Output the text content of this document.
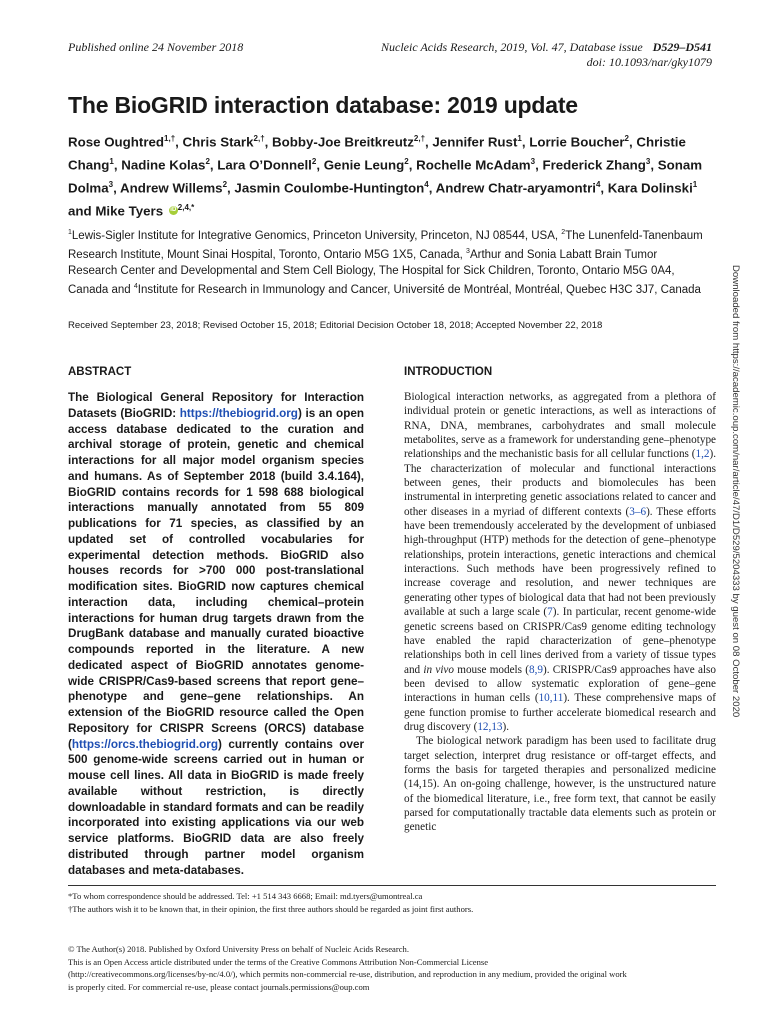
Published online 24 November 2018	Nucleic Acids Research, 2019, Vol. 47, Database issue D529–D541
doi: 10.1093/nar/gky1079
The BioGRID interaction database: 2019 update
Rose Oughtred$^{1,\dagger}$, Chris Stark$^{2,\dagger}$, Bobby-Joe Breitkreutz$^{2,\dagger}$, Jennifer Rust$^1$, Lorrie Boucher$^2$, Christie Chang$^1$, Nadine Kolas$^2$, Lara O’Donnell$^2$, Genie Leung$^2$, Rochelle McAdam$^3$, Frederick Zhang$^3$, Sonam Dolma$^3$, Andrew Willems$^2$, Jasmin Coulombe-Huntington$^4$, Andrew Chatr-aryamontri$^4$, Kara Dolinski$^1$ and Mike Tyers iD $^{2,4,*}$
$^1$Lewis-Sigler Institute for Integrative Genomics, Princeton University, Princeton, NJ 08544, USA, $^2$The Lunenfeld-Tanenbaum Research Institute, Mount Sinai Hospital, Toronto, Ontario M5G 1X5, Canada, $^3$Arthur and Sonia Labatt Brain Tumor Research Center and Developmental and Stem Cell Biology, The Hospital for Sick Children, Toronto, Ontario M5G 0A4, Canada and $^4$Institute for Research in Immunology and Cancer, Université de Montréal, Montréal, Quebec H3C 3J7, Canada
Received September 23, 2018; Revised October 15, 2018; Editorial Decision October 18, 2018; Accepted November 22, 2018
ABSTRACT

The Biological General Repository for Interaction Datasets (BioGRID: https://thebiogrid.org) is an open access database dedicated to the curation and archival storage of protein, genetic and chemical interactions for all major model organism species and humans. As of September 2018 (build 3.4.164), BioGRID contains records for 1 598 688 biological interactions manually annotated from 55 809 publications for 71 species, as classified by an updated set of controlled vocabularies for experimental detection methods. BioGRID also houses records for >700 000 post-translational modification sites. BioGRID now captures chemical interaction data, including chemical–protein interactions for human drug targets drawn from the DrugBank database and manually curated bioactive compounds reported in the literature. A new dedicated aspect of BioGRID annotates genome-wide CRISPR/Cas9-based screens that report gene–phenotype and gene–gene relationships. An extension of the BioGRID resource called the Open Repository for CRISPR Screens (ORCS) database (https://orcs.thebiogrid.org) currently contains over 500 genome-wide screens carried out in human or mouse cell lines. All data in BioGRID is made freely available without restriction, is directly downloadable in standard formats and can be readily incorporated into existing applications via our web service platforms. BioGRID data are also freely distributed through partner model organism databases and meta-databases.

INTRODUCTION

Biological interaction networks, as aggregated from a plethora of individual protein or genetic interactions, as well as interactions of RNA, DNA, membranes, carbohydrates and small molecule metabolites, serve as a framework for understanding gene–phenotype relationships and the mechanistic basis for all cellular functions (1,2). The characterization of molecular and functional interactions between genes, their products and biomolecules has been instrumental in interpreting genetic associations related to cancer and other diseases in a myriad of different contexts (3–6). These efforts have been tremendously accelerated by the development of unbiased high-throughput (HTP) methods for the detection of gene–phenotype relationships, protein interactions, genetic interactions and chemical interactions. Such methods have been progressively refined to increase coverage and resolution, and newer techniques are generating other types of biological data that had not been previously available at such a large scale (7). In particular, recent genome-wide genetic screens based on CRISPR/Cas9 genome editing technology have enabled the rapid characterization of gene–phenotype relationships both in cell lines derived from a variety of tissue types and in vivo mouse models (8,9). CRISPR/Cas9 approaches have also been devised to allow systematic exploration of gene–gene interactions in human cells (10,11). These comprehensive maps of gene function promise to further accelerate biomedical research and drug discovery (12,13).

The biological network paradigm has been used to facilitate drug target selection, interpret drug resistance or off-target effects, and forms the basis for targeted therapies and personalized medicine (14,15). An on-going challenge, however, is the unstructured nature of the biomedical literature, i.e., free form text, that cannot be easily parsed for computationally tractable data elements such as protein or genetic

*To whom correspondence should be addressed. Tel: +1 514 343 6668; Email: md.tyers@umontreal.ca
†The authors wish it to be known that, in their opinion, the first three authors should be regarded as joint first authors.
© The Author(s) 2018. Published by Oxford University Press on behalf of Nucleic Acids Research.
This is an Open Access article distributed under the terms of the Creative Commons Attribution Non-Commercial License
(http://creativecommons.org/licenses/by-nc/4.0/), which permits non-commercial re-use, distribution, and reproduction in any medium, provided the original work
is properly cited. For commercial re-use, please contact journals.permissions@oup.com
Downloaded from https://academic.oup.com/nar/article/47/D1/D529/5204333 by guest on 08 October 2020
